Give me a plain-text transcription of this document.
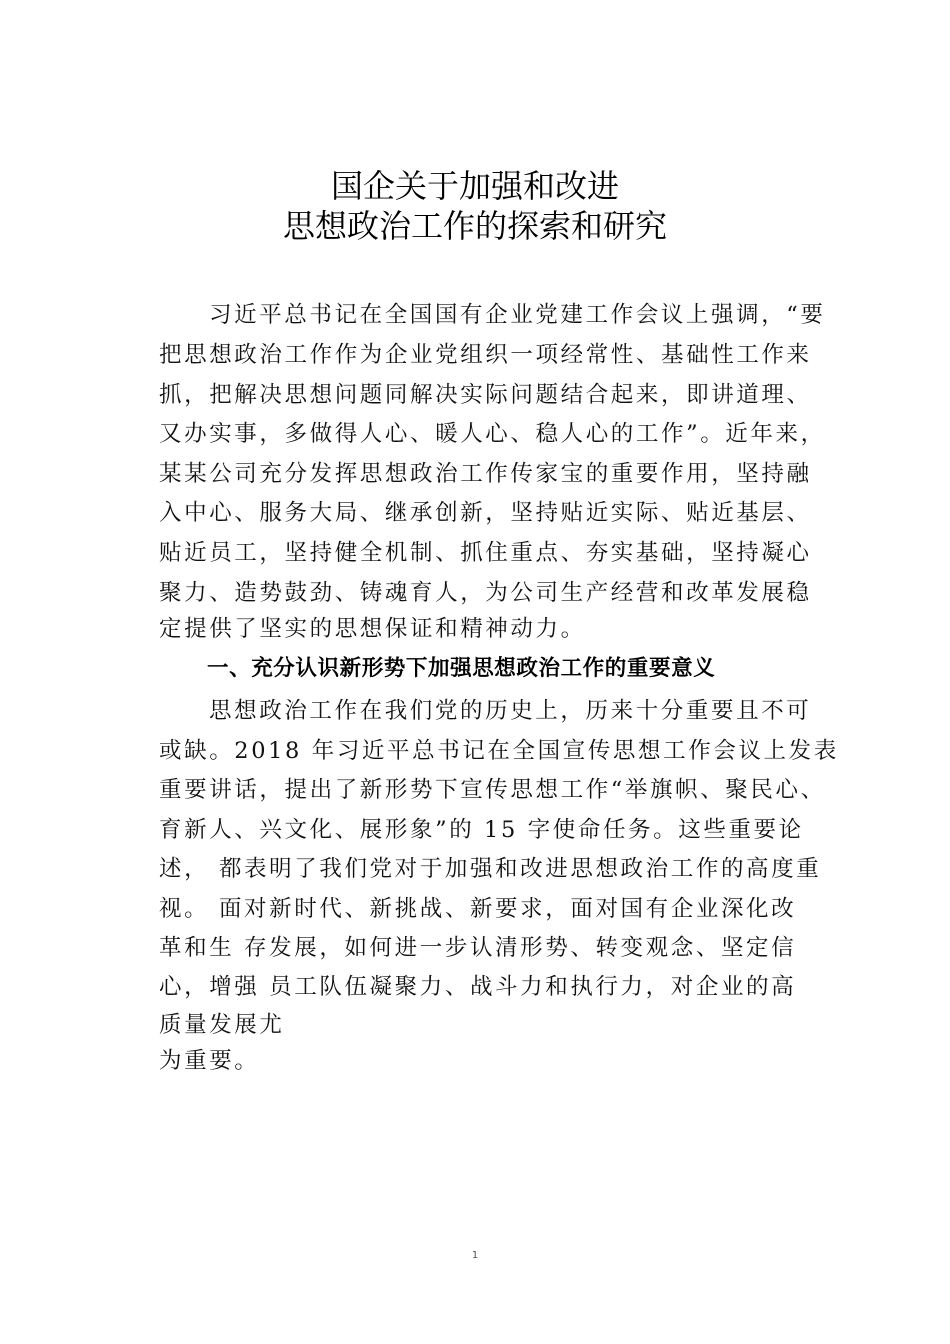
国企关于加强和改进
思想政治工作的探索和研究

习近平总书记在全国国有企业党建工作会议上强调，“要

把思想政治工作作为企业党组织一项经常性、基础性工作来

抓，把解决思想问题同解决实际问题结合起来，即讲道理、

又办实事，多做得人心、暖人心、稳人心的工作”。近年来，

某某公司充分发挥思想政治工作传家宝的重要作用，坚持融

入中心、服务大局、继承创新，坚持贴近实际、贴近基层、

贴近员工，坚持健全机制、抓住重点、夯实基础，坚持凝心

聚力、造势鼓劲、铸魂育人，为公司生产经营和改革发展稳

定提供了坚实的思想保证和精神动力。

一、充分认识新形势下加强思想政治工作的重要意义

思想政治工作在我们党的历史上，历来十分重要且不可

或缺。2018 年习近平总书记在全国宣传思想工作会议上发表

重要讲话，提出了新形势下宣传思想工作“举旗帜、聚民心、

育新人、兴文化、展形象”的 15 字使命任务。这些重要论

述， 都表明了我们党对于加强和改进思想政治工作的高度重

视。 面对新时代、新挑战、新要求，面对国有企业深化改

革和生 存发展，如何进一步认清形势、转变观念、坚定信

心，增强 员工队伍凝聚力、战斗力和执行力，对企业的高

质量发展尤

为重要。

1
